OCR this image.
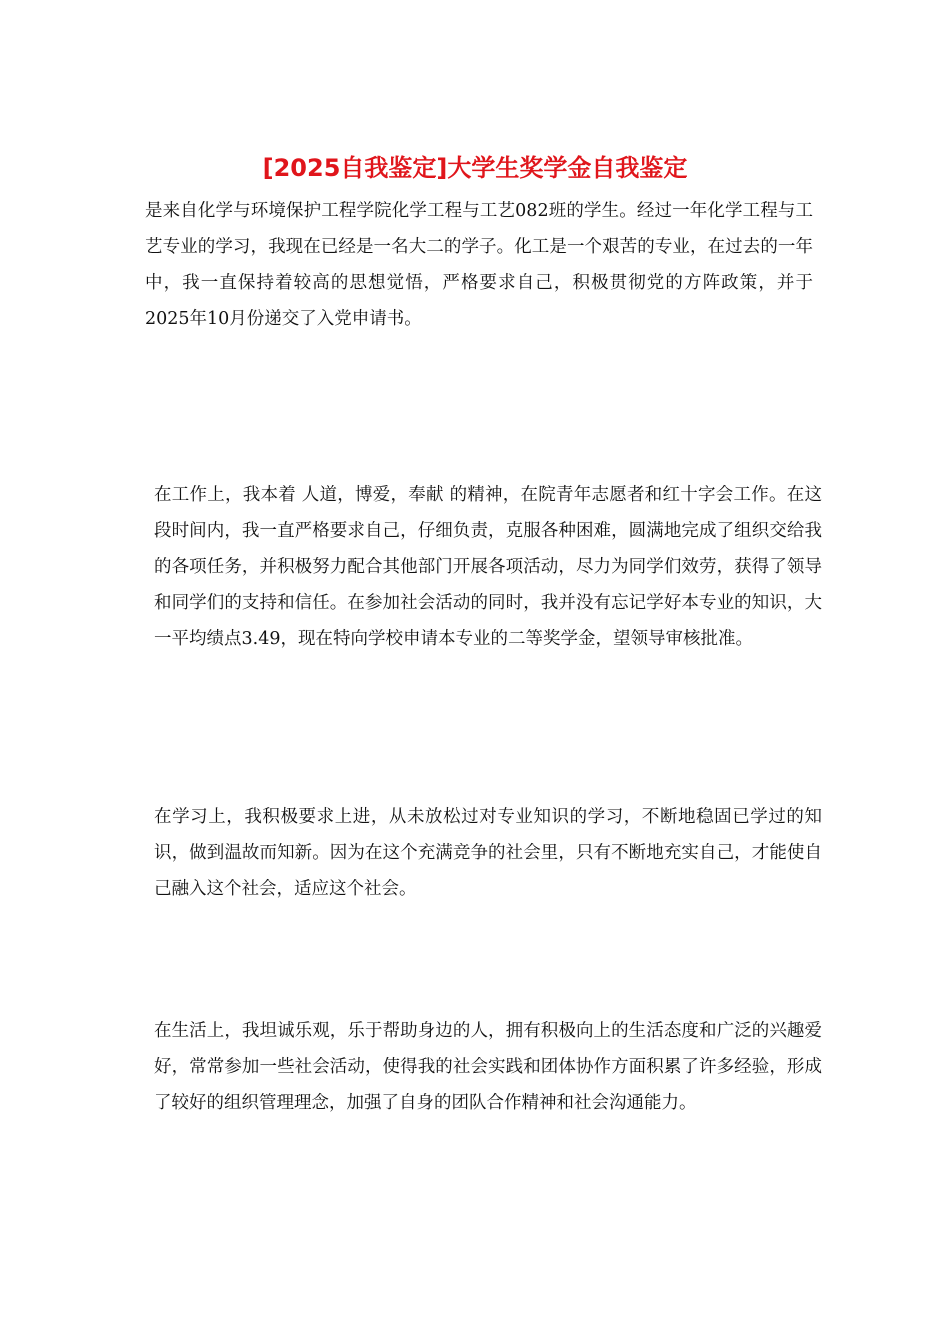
[2025自我鉴定]大学生奖学金自我鉴定

是来自化学与环境保护工程学院化学工程与工艺082班的学生。经过一年化学工程与工艺专业的学习，我现在已经是一名大二的学子。化工是一个艰苦的专业，在过去的一年中，我一直保持着较高的思想觉悟，严格要求自己，积极贯彻党的方阵政策，并于2025年10月份递交了入党申请书。

在工作上，我本着 人道，博爱，奉献 的精神，在院青年志愿者和红十字会工作。在这段时间内，我一直严格要求自己，仔细负责，克服各种困难，圆满地完成了组织交给我的各项任务，并积极努力配合其他部门开展各项活动，尽力为同学们效劳，获得了领导和同学们的支持和信任。在参加社会活动的同时，我并没有忘记学好本专业的知识，大一平均绩点3.49，现在特向学校申请本专业的二等奖学金，望领导审核批准。

在学习上，我积极要求上进，从未放松过对专业知识的学习，不断地稳固已学过的知识，做到温故而知新。因为在这个充满竞争的社会里，只有不断地充实自己，才能使自己融入这个社会，适应这个社会。

在生活上，我坦诚乐观，乐于帮助身边的人，拥有积极向上的生活态度和广泛的兴趣爱好，常常参加一些社会活动，使得我的社会实践和团体协作方面积累了许多经验，形成了较好的组织管理理念，加强了自身的团队合作精神和社会沟通能力。
